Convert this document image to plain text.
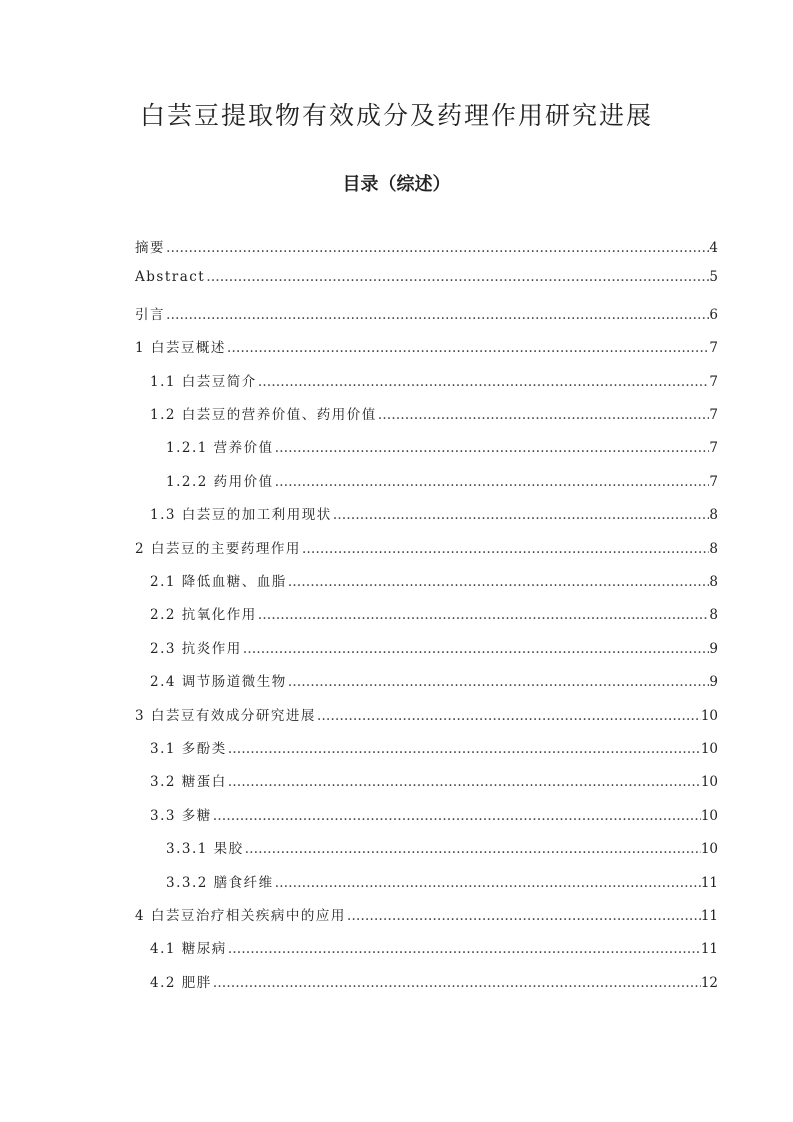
白芸豆提取物有效成分及药理作用研究进展
目录（综述）
摘要 …………………………………………………………………………………………………………………………………………………………………………………………………………	4
Abstract …………………………………………………………………………………………………………………………………………………………………………………………………………	5
引言 …………………………………………………………………………………………………………………………………………………………………………………………………………	6
1 白芸豆概述 …………………………………………………………………………………………………………………………………………………………………………………………………………	7
1.1 白芸豆简介 …………………………………………………………………………………………………………………………………………………………………………………………………………	7
1.2 白芸豆的营养价值、药用价值 …………………………………………………………………………………………………………………………………………………………………………………………………………	7
1.2.1 营养价值 …………………………………………………………………………………………………………………………………………………………………………………………………………	7
1.2.2 药用价值 …………………………………………………………………………………………………………………………………………………………………………………………………………	7
1.3 白芸豆的加工利用现状 …………………………………………………………………………………………………………………………………………………………………………………………………………	8
2 白芸豆的主要药理作用 …………………………………………………………………………………………………………………………………………………………………………………………………………	8
2.1 降低血糖、血脂 …………………………………………………………………………………………………………………………………………………………………………………………………………	8
2.2 抗氧化作用 …………………………………………………………………………………………………………………………………………………………………………………………………………	8
2.3 抗炎作用 …………………………………………………………………………………………………………………………………………………………………………………………………………	9
2.4 调节肠道微生物 …………………………………………………………………………………………………………………………………………………………………………………………………………	9
3 白芸豆有效成分研究进展 …………………………………………………………………………………………………………………………………………………………………………………………………………	10
3.1 多酚类 …………………………………………………………………………………………………………………………………………………………………………………………………………	10
3.2 糖蛋白 …………………………………………………………………………………………………………………………………………………………………………………………………………	10
3.3 多糖 …………………………………………………………………………………………………………………………………………………………………………………………………………	10
3.3.1 果胶 …………………………………………………………………………………………………………………………………………………………………………………………………………	10
3.3.2 膳食纤维 …………………………………………………………………………………………………………………………………………………………………………………………………………	11
4 白芸豆治疗相关疾病中的应用 …………………………………………………………………………………………………………………………………………………………………………………………………………	11
4.1 糖尿病 …………………………………………………………………………………………………………………………………………………………………………………………………………	11
4.2 肥胖 …………………………………………………………………………………………………………………………………………………………………………………………………………	12
